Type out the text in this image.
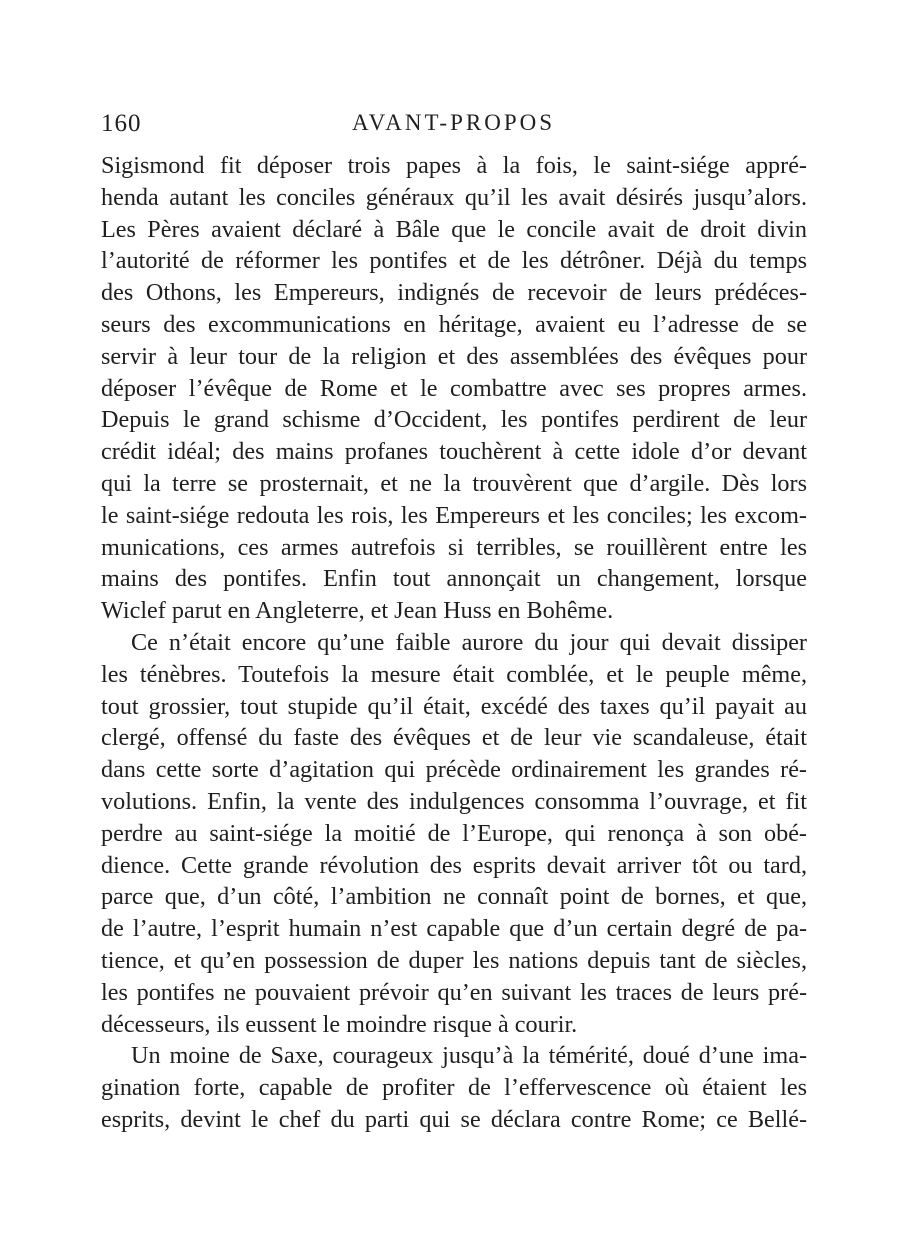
160	AVANT-PROPOS
Sigismond fit déposer trois papes à la fois, le saint-siége appré-
henda autant les conciles généraux qu’il les avait désirés jusqu’alors.
Les Pères avaient déclaré à Bâle que le concile avait de droit divin
l’autorité de réformer les pontifes et de les détrôner. Déjà du temps
des Othons, les Empereurs, indignés de recevoir de leurs prédéces-
seurs des excommunications en héritage, avaient eu l’adresse de se
servir à leur tour de la religion et des assemblées des évêques pour
déposer l’évêque de Rome et le combattre avec ses propres armes.
Depuis le grand schisme d’Occident, les pontifes perdirent de leur
crédit idéal; des mains profanes touchèrent à cette idole d’or devant
qui la terre se prosternait, et ne la trouvèrent que d’argile. Dès lors
le saint-siége redouta les rois, les Empereurs et les conciles; les excom-
munications, ces armes autrefois si terribles, se rouillèrent entre les
mains des pontifes. Enfin tout annonçait un changement, lorsque
Wiclef parut en Angleterre, et Jean Huss en Bohême.
Ce n’était encore qu’une faible aurore du jour qui devait dissiper
les ténèbres. Toutefois la mesure était comblée, et le peuple même,
tout grossier, tout stupide qu’il était, excédé des taxes qu’il payait au
clergé, offensé du faste des évêques et de leur vie scandaleuse, était
dans cette sorte d’agitation qui précède ordinairement les grandes ré-
volutions. Enfin, la vente des indulgences consomma l’ouvrage, et fit
perdre au saint-siége la moitié de l’Europe, qui renonça à son obé-
dience. Cette grande révolution des esprits devait arriver tôt ou tard,
parce que, d’un côté, l’ambition ne connaît point de bornes, et que,
de l’autre, l’esprit humain n’est capable que d’un certain degré de pa-
tience, et qu’en possession de duper les nations depuis tant de siècles,
les pontifes ne pouvaient prévoir qu’en suivant les traces de leurs pré-
décesseurs, ils eussent le moindre risque à courir.
Un moine de Saxe, courageux jusqu’à la témérité, doué d’une ima-
gination forte, capable de profiter de l’effervescence où étaient les
esprits, devint le chef du parti qui se déclara contre Rome; ce Bellé-
